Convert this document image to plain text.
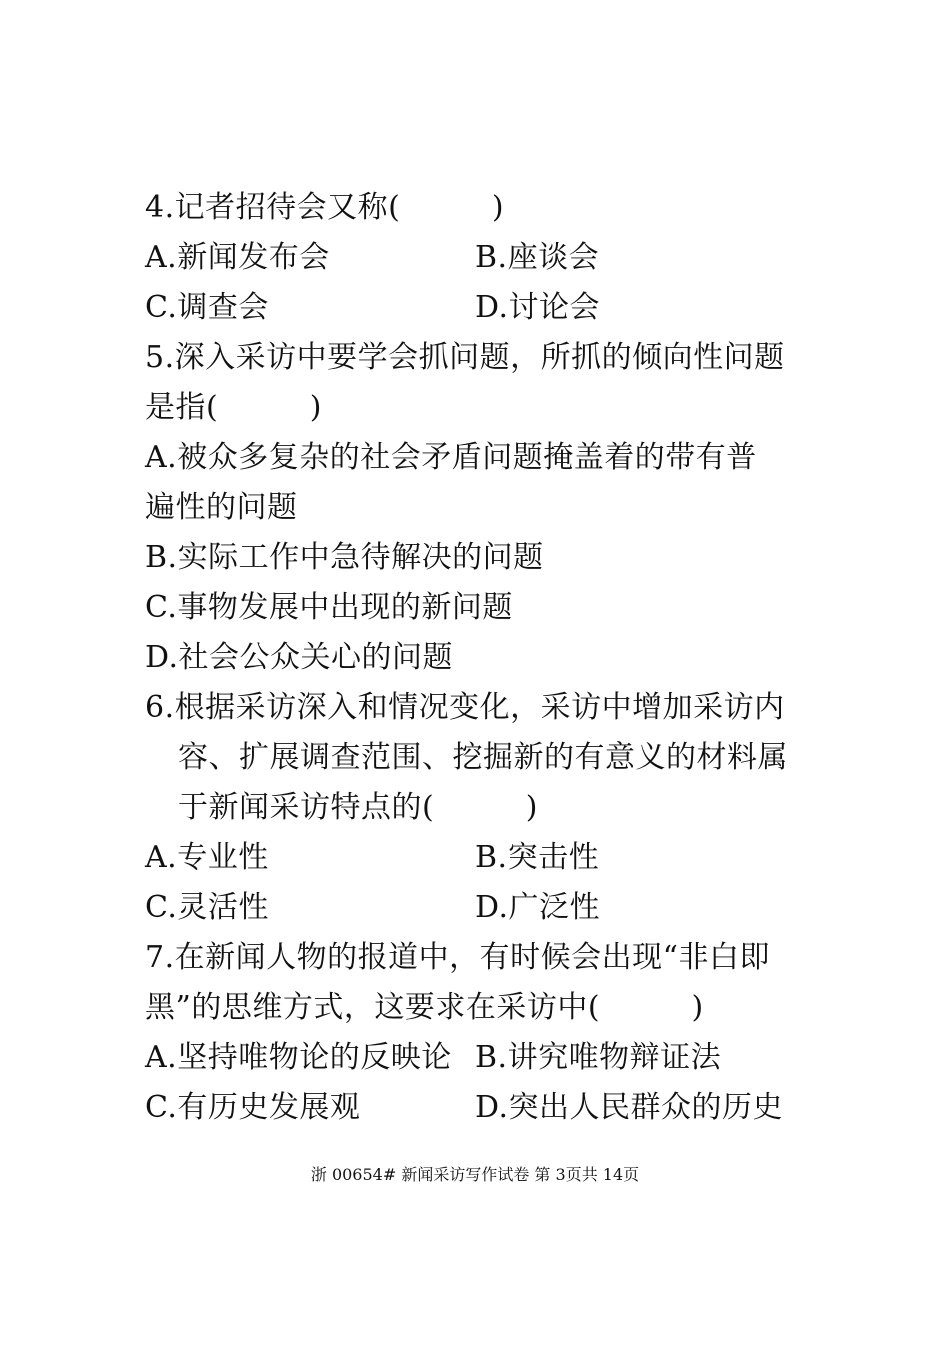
4.记者招待会又称(　　　)
A.新闻发布会	B.座谈会
C.调查会	D.讨论会
5.深入采访中要学会抓问题，所抓的倾向性问题
是指(　　　)
A.被众多复杂的社会矛盾问题掩盖着的带有普
遍性的问题
B.实际工作中急待解决的问题
C.事物发展中出现的新问题
D.社会公众关心的问题
6.根据采访深入和情况变化，采访中增加采访内
容、扩展调查范围、挖掘新的有意义的材料属
于新闻采访特点的(　　　)
A.专业性	B.突击性
C.灵活性	D.广泛性
7.在新闻人物的报道中，有时候会出现“非白即
黑”的思维方式，这要求在采访中(　　　)
A.坚持唯物论的反映论 B.讲究唯物辩证法
C.有历史发展观	D.突出人民群众的历史
浙 00654# 新闻采访写作试卷 第 3页共 14页
